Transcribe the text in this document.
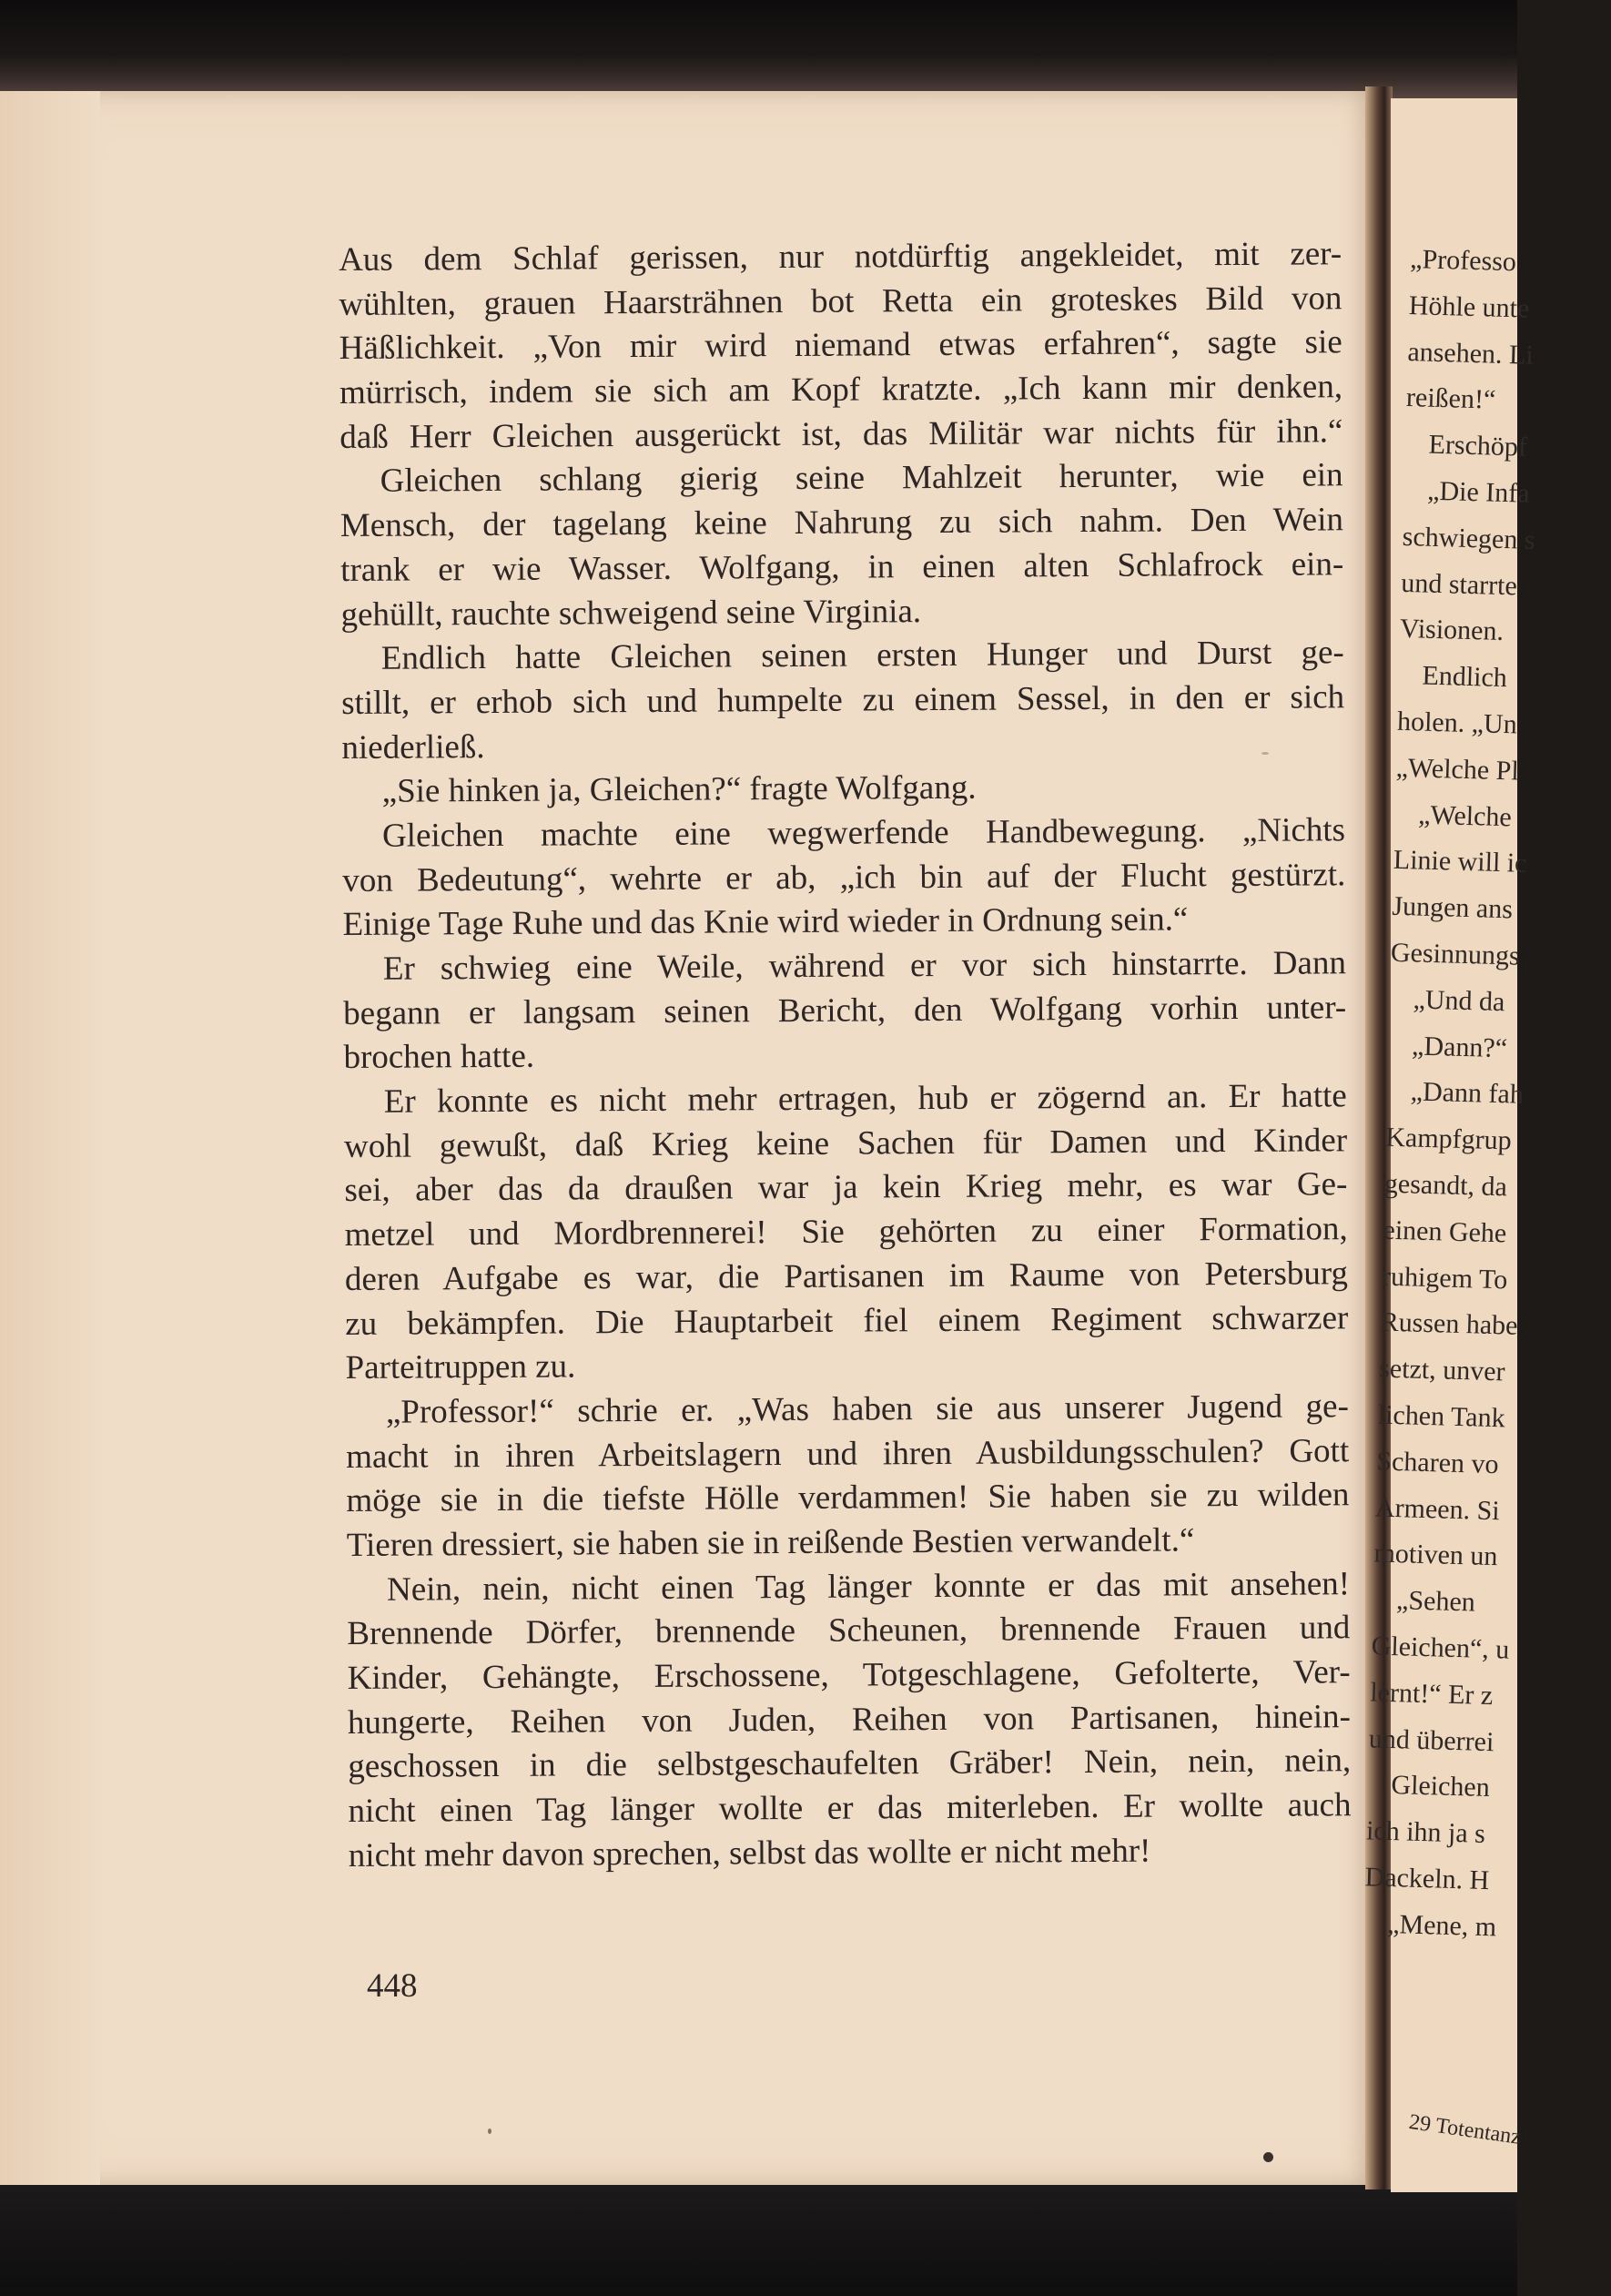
„Professo
Höhle unte
ansehen. Li
reißen!“
Erschöpf
„Die Infa
schwiegen s
und starrte
Visionen.
Endlich
holen. „Un
„Welche Pl
„Welche
Linie will ic
Jungen ans
Gesinnungs
„Und da
„Dann?“
„Dann fah
Kampfgrup
gesandt, da
einen Gehe
ruhigem To
Russen habe
setzt, unver
lichen Tank
Scharen vo
Armeen. Si
motiven un
„Sehen
Gleichen“, u
lernt!“ Er z
und überrei
Gleichen
ich ihn ja s
Dackeln. H
„Mene, m
29 Totentanz
Aus dem Schlaf gerissen, nur notdürftig angekleidet, mit zer-
wühlten, grauen Haarsträhnen bot Retta ein groteskes Bild von
Häßlichkeit. „Von mir wird niemand etwas erfahren“, sagte sie
mürrisch, indem sie sich am Kopf kratzte. „Ich kann mir denken,
daß Herr Gleichen ausgerückt ist, das Militär war nichts für ihn.“
Gleichen schlang gierig seine Mahlzeit herunter, wie ein
Mensch, der tagelang keine Nahrung zu sich nahm. Den Wein
trank er wie Wasser. Wolfgang, in einen alten Schlafrock ein-
gehüllt, rauchte schweigend seine Virginia.
Endlich hatte Gleichen seinen ersten Hunger und Durst ge-
stillt, er erhob sich und humpelte zu einem Sessel, in den er sich
niederließ.
„Sie hinken ja, Gleichen?“ fragte Wolfgang.
Gleichen machte eine wegwerfende Handbewegung. „Nichts
von Bedeutung“, wehrte er ab, „ich bin auf der Flucht gestürzt.
Einige Tage Ruhe und das Knie wird wieder in Ordnung sein.“
Er schwieg eine Weile, während er vor sich hinstarrte. Dann
begann er langsam seinen Bericht, den Wolfgang vorhin unter-
brochen hatte.
Er konnte es nicht mehr ertragen, hub er zögernd an. Er hatte
wohl gewußt, daß Krieg keine Sachen für Damen und Kinder
sei, aber das da draußen war ja kein Krieg mehr, es war Ge-
metzel und Mordbrennerei! Sie gehörten zu einer Formation,
deren Aufgabe es war, die Partisanen im Raume von Petersburg
zu bekämpfen. Die Hauptarbeit fiel einem Regiment schwarzer
Parteitruppen zu.
„Professor!“ schrie er. „Was haben sie aus unserer Jugend ge-
macht in ihren Arbeitslagern und ihren Ausbildungsschulen? Gott
möge sie in die tiefste Hölle verdammen! Sie haben sie zu wilden
Tieren dressiert, sie haben sie in reißende Bestien verwandelt.“
Nein, nein, nicht einen Tag länger konnte er das mit ansehen!
Brennende Dörfer, brennende Scheunen, brennende Frauen und
Kinder, Gehängte, Erschossene, Totgeschlagene, Gefolterte, Ver-
hungerte, Reihen von Juden, Reihen von Partisanen, hinein-
geschossen in die selbstgeschaufelten Gräber! Nein, nein, nein,
nicht einen Tag länger wollte er das miterleben. Er wollte auch
nicht mehr davon sprechen, selbst das wollte er nicht mehr!
448
